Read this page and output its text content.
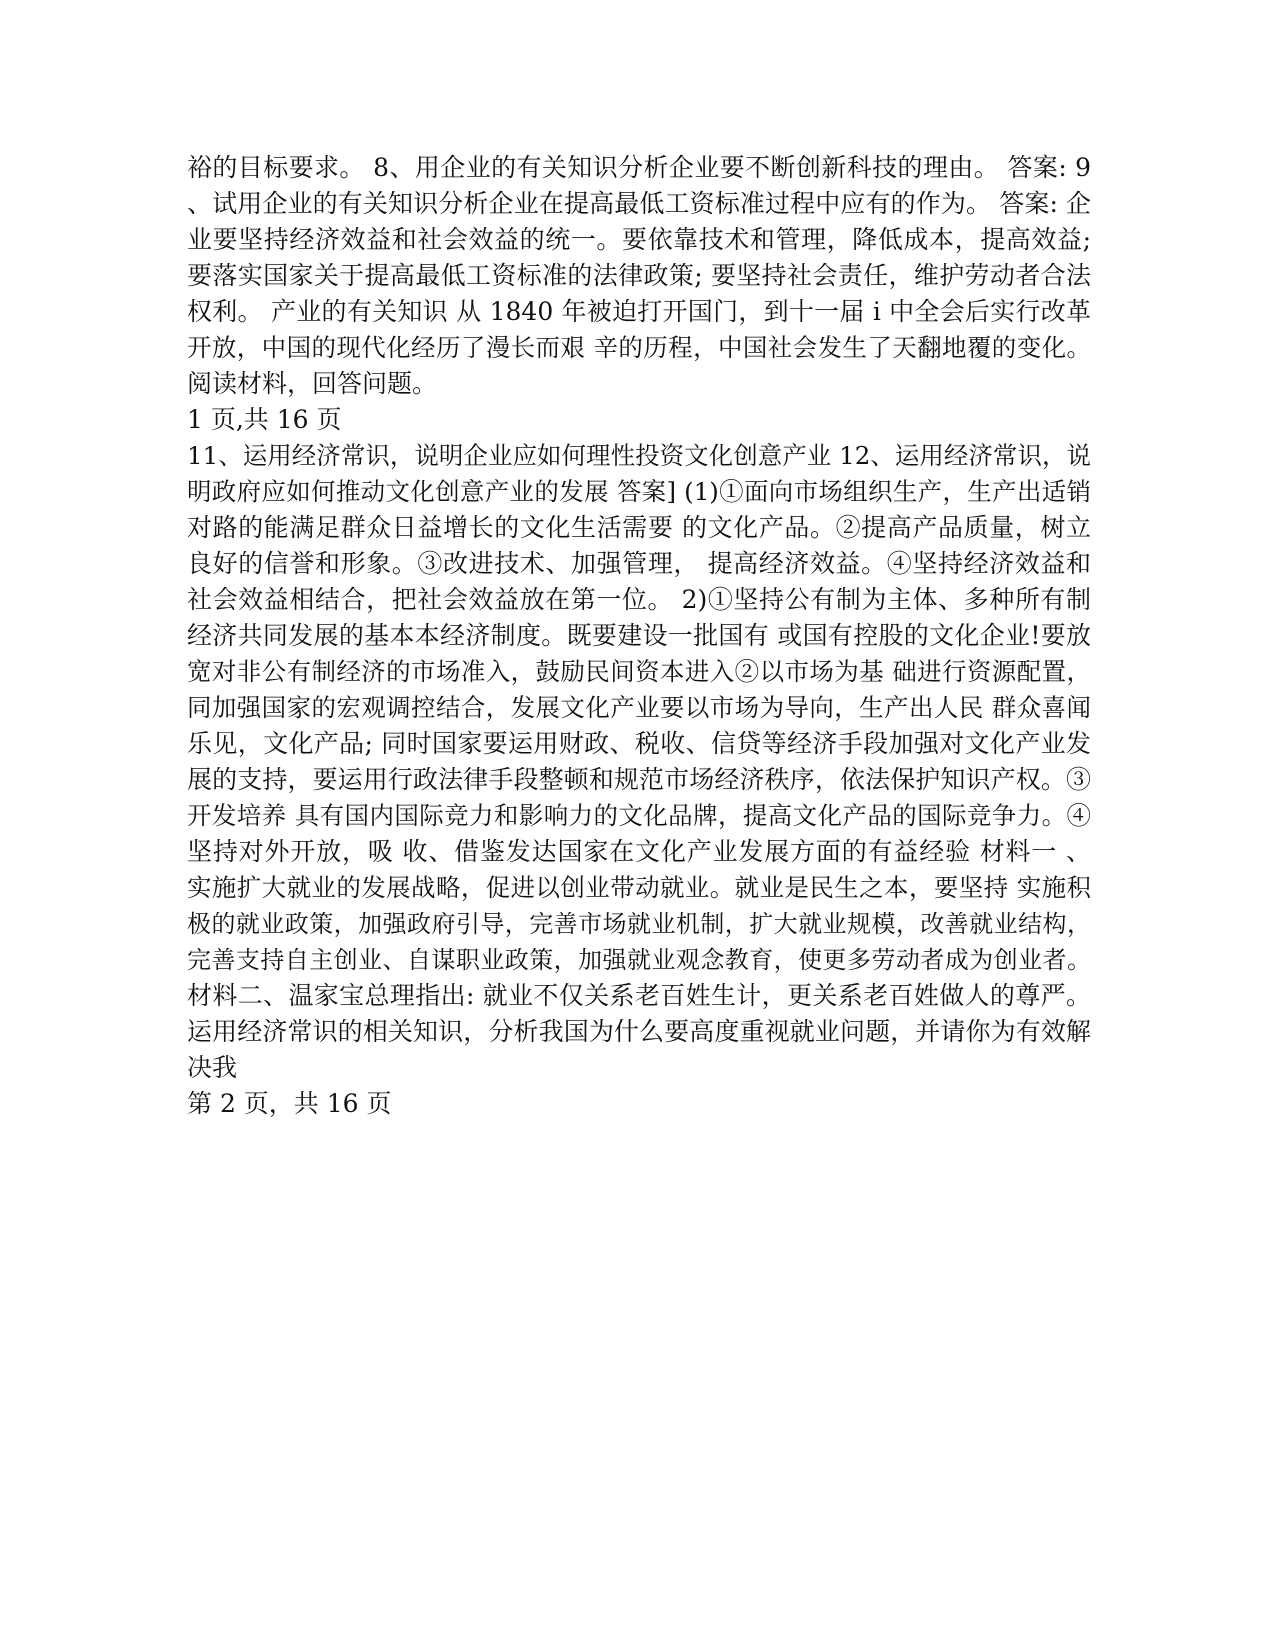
裕的目标要求。 8、用企业的有关知识分析企业要不断创新科技的理由。 答案: 9
、试用企业的有关知识分析企业在提高最低工资标准过程中应有的作为。 答案: 企
业要坚持经济效益和社会效益的统一。要依靠技术和管理，降低成本，提高效益;
要落实国家关于提高最低工资标准的法律政策; 要坚持社会责任，维护劳动者合法
权利。 产业的有关知识 从 1840 年被迫打开国门，到十一届 i 中全会后实行改革
开放，中国的现代化经历了漫长而艰 辛的历程，中国社会发生了天翻地覆的变化。
阅读材料，回答问题。
1 页,共 16 页
11、运用经济常识，说明企业应如何理性投资文化创意产业 12、运用经济常识，说
明政府应如何推动文化创意产业的发展 答案] (1)①面向市场组织生产，生产出适销
对路的能满足群众日益增长的文化生活需要 的文化产品。②提高产品质量，树立
良好的信誉和形象。③改进技术、加强管理， 提高经济效益。④坚持经济效益和
社会效益相结合，把社会效益放在第一位。 2)①坚持公有制为主体、多种所有制
经济共同发展的基本本经济制度。既要建设一批国有 或国有控股的文化企业!要放
宽对非公有制经济的市场准入，鼓励民间资本进入②以市场为基 础进行资源配置，
同加强国家的宏观调控结合，发展文化产业要以市场为导向，生产出人民 群众喜闻
乐见，文化产品; 同时国家要运用财政、税收、信贷等经济手段加强对文化产业发
展的支持，要运用行政法律手段整顿和规范市场经济秩序，依法保护知识产权。③
开发培养 具有国内国际竞力和影响力的文化品牌，提高文化产品的国际竞争力。④
坚持对外开放，吸 收、借鉴发达国家在文化产业发展方面的有益经验 材料一 、
实施扩大就业的发展战略，促进以创业带动就业。就业是民生之本，要坚持 实施积
极的就业政策，加强政府引导，完善市场就业机制，扩大就业规模，改善就业结构，
完善支持自主创业、自谋职业政策，加强就业观念教育，使更多劳动者成为创业者。
材料二、温家宝总理指出: 就业不仅关系老百姓生计，更关系老百姓做人的尊严。
运用经济常识的相关知识，分析我国为什么要高度重视就业问题，并请你为有效解
决我
第 2 页，共 16 页
